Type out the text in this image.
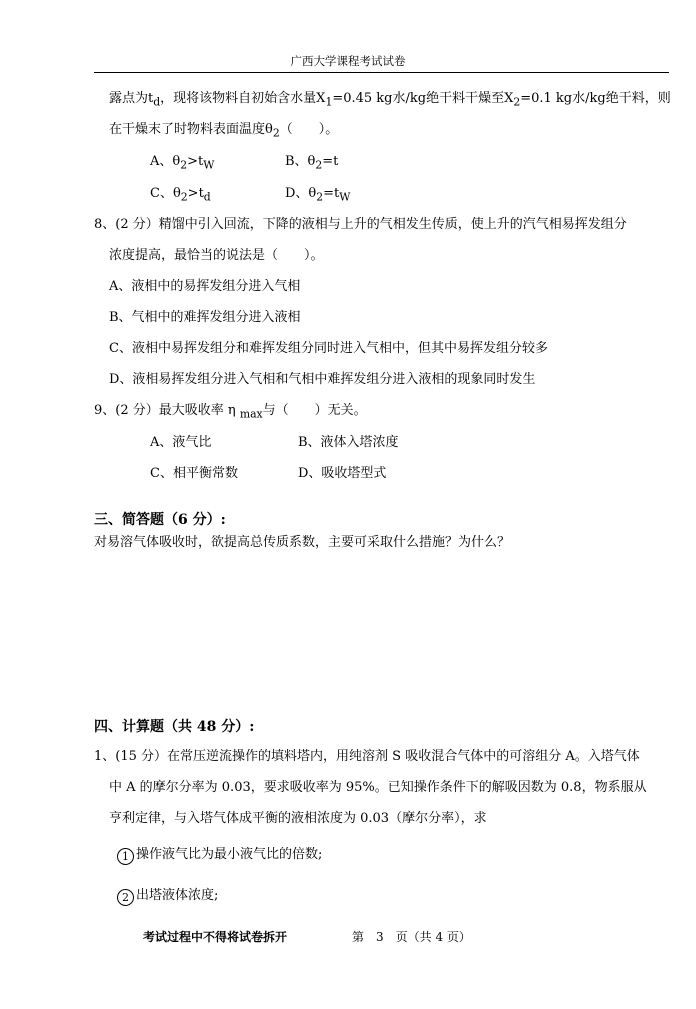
广西大学课程考试试卷
露点为$t_d$，现将该物料自初始含水量$X_1=0.45$ kg水/kg绝干料干燥至$X_2=0.1$ kg水/kg绝干料，则
在干燥末了时物料表面温度$\theta_2$（　　）。
A、$\theta_2>t_W$	B、$\theta_2=t$
C、$\theta_2>t_d$	D、$\theta_2=t_W$
8、(2 分）精馏中引入回流，下降的液相与上升的气相发生传质，使上升的汽气相易挥发组分
浓度提高，最恰当的说法是（　　）。
A、液相中的易挥发组分进入气相
B、气相中的难挥发组分进入液相
C、液相中易挥发组分和难挥发组分同时进入气相中，但其中易挥发组分较多
D、液相易挥发组分进入气相和气相中难挥发组分进入液相的现象同时发生
9、(2 分）最大吸收率 η $_{max}$与（　　）无关。
A、液气比	B、液体入塔浓度
C、相平衡常数	D、吸收塔型式
三、简答题（6 分）:
对易溶气体吸收时，欲提高总传质系数，主要可采取什么措施？为什么？
四、计算题（共 48 分）:
1、(15 分）在常压逆流操作的填料塔内，用纯溶剂 S 吸收混合气体中的可溶组分 A。入塔气体
中 A 的摩尔分率为 0.03，要求吸收率为 95%。已知操作条件下的解吸因数为 0.8，物系服从
亨利定律，与入塔气体成平衡的液相浓度为 0.03（摩尔分率），求
1 操作液气比为最小液气比的倍数;
2 出塔液体浓度;
考试过程中不得将试卷拆开	第　3　页（共 4 页）
